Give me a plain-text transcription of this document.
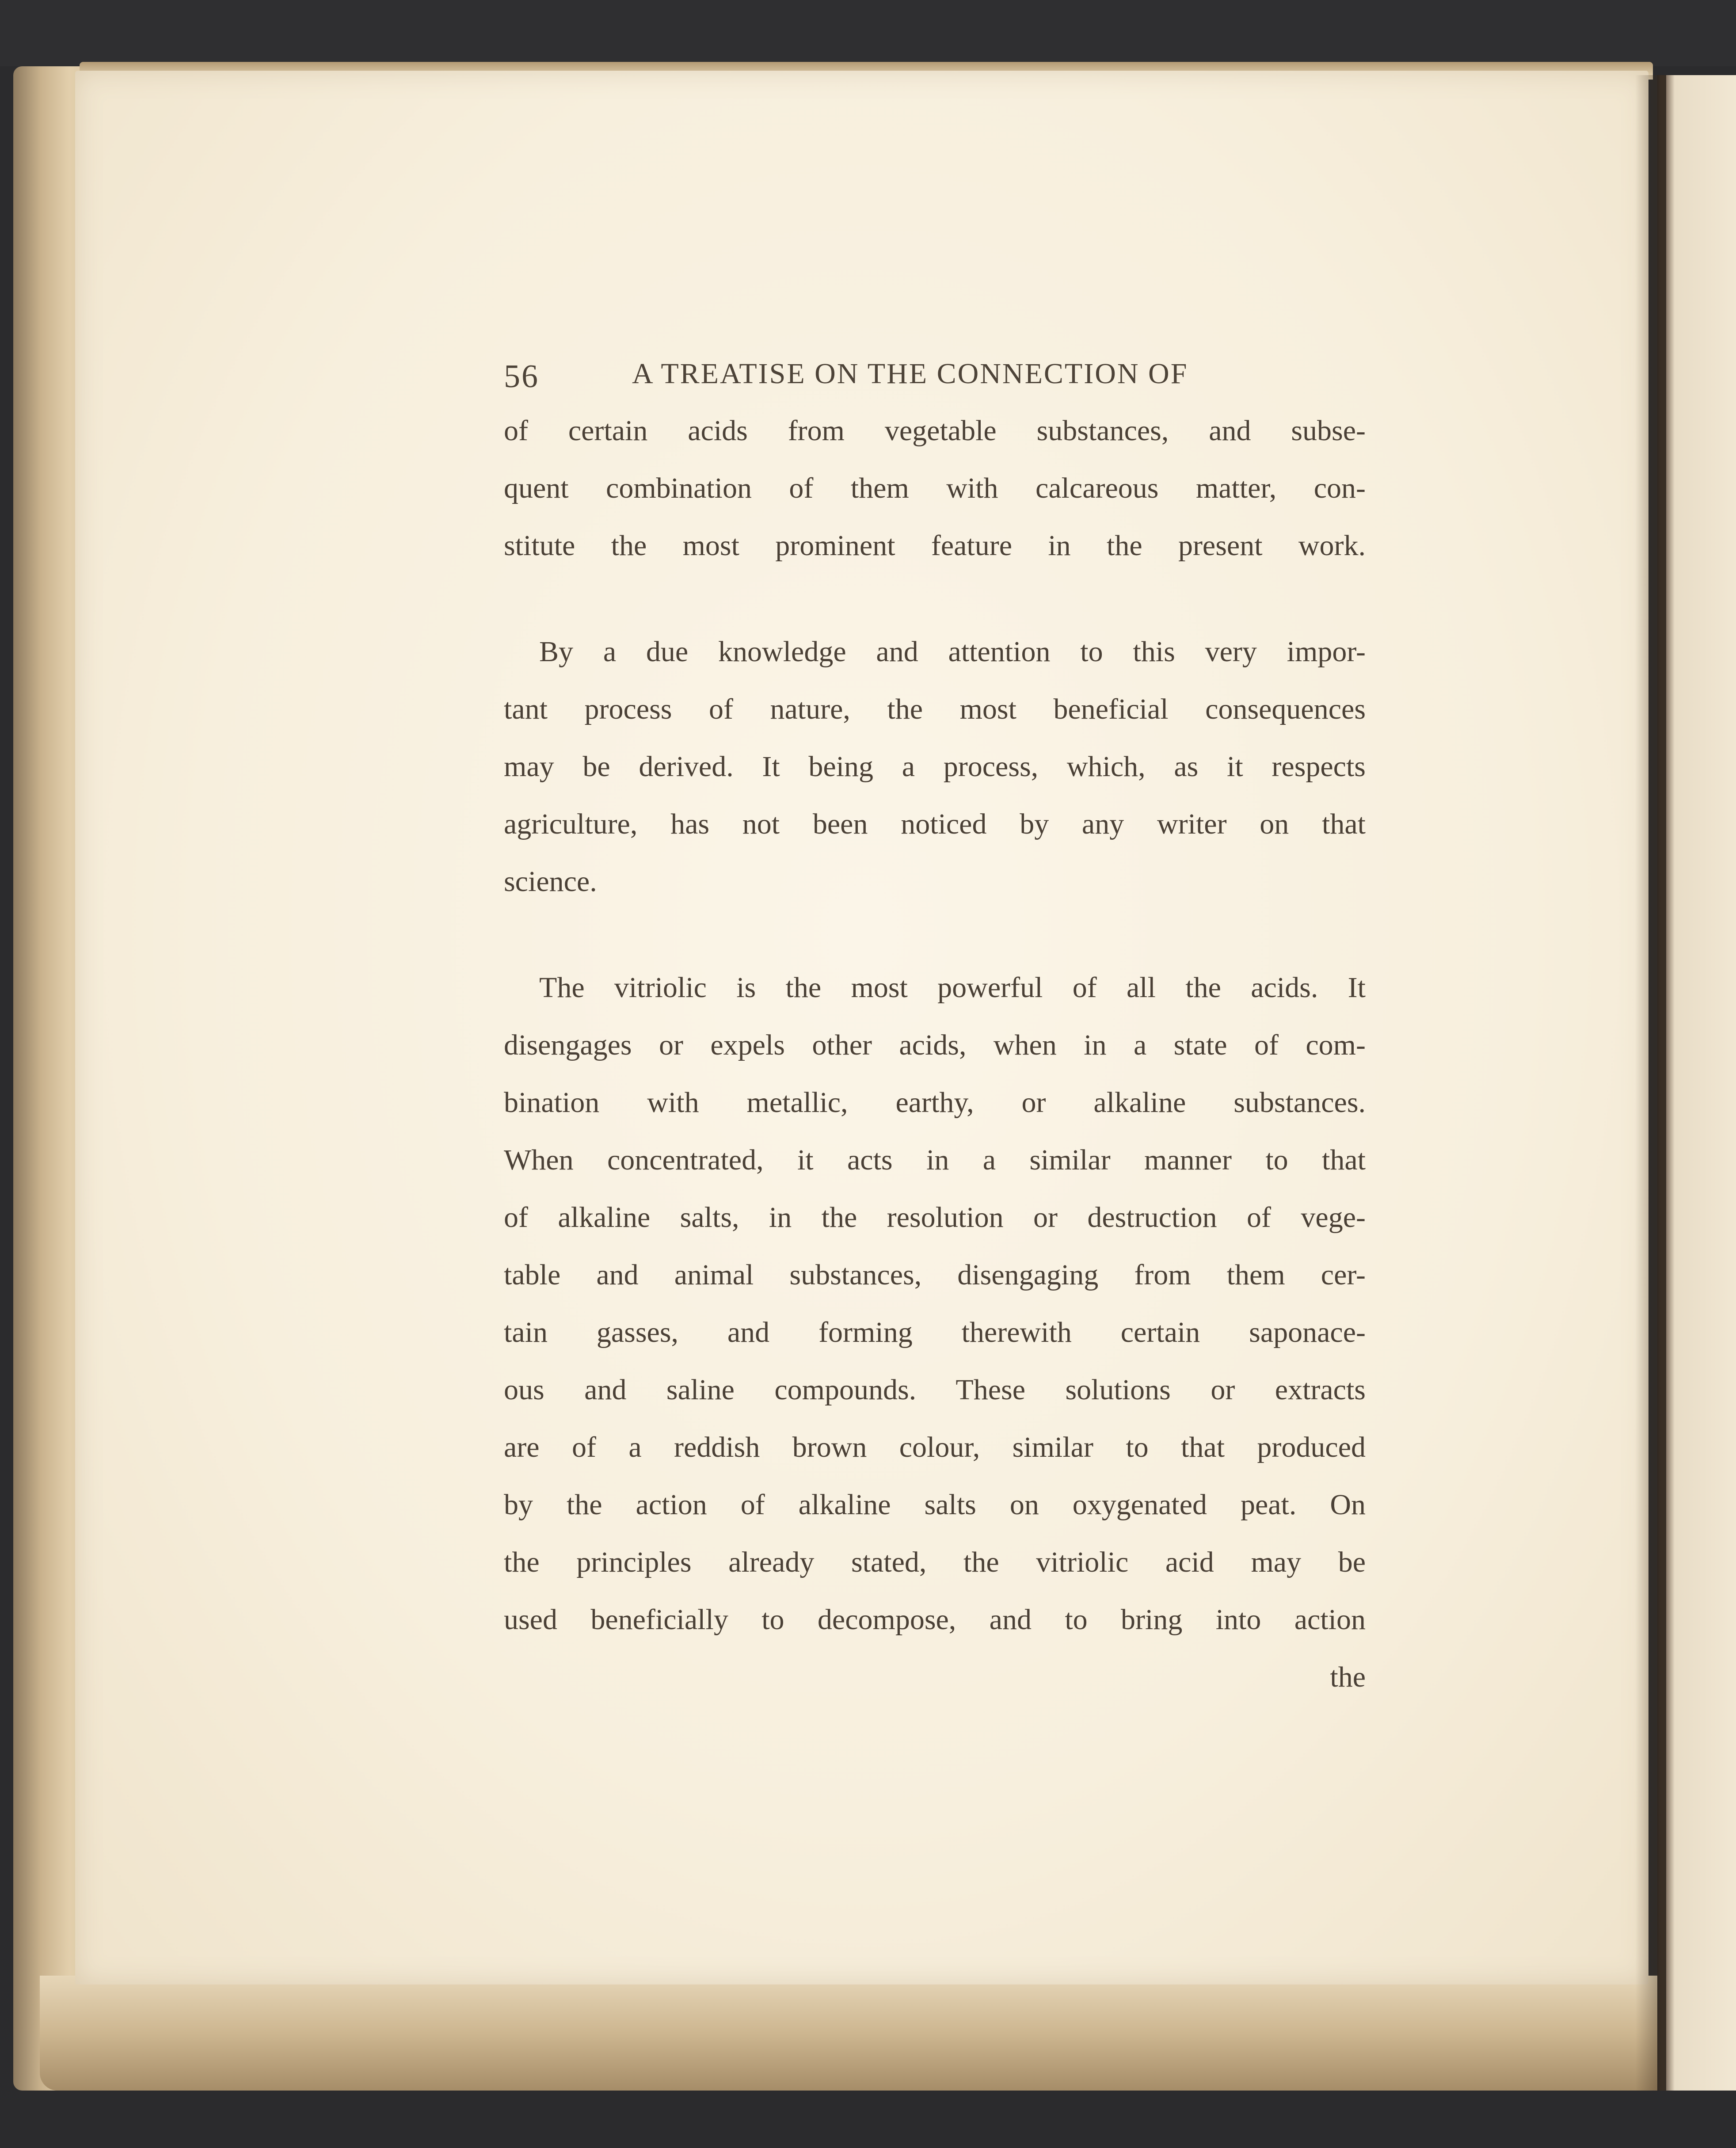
56	A TREATISE ON THE CONNECTION OF

of certain acids from vegetable substances, and subse-
quent combination of them with calcareous matter, con-
stitute the most prominent feature in the present work.

By a due knowledge and attention to this very impor-
tant process of nature, the most beneficial consequences
may be derived. It being a process, which, as it respects
agriculture, has not been noticed by any writer on that
science.

The vitriolic is the most powerful of all the acids. It
disengages or expels other acids, when in a state of com-
bination with metallic, earthy, or alkaline substances.
When concentrated, it acts in a similar manner to that
of alkaline salts, in the resolution or destruction of vege-
table and animal substances, disengaging from them cer-
tain gasses, and forming therewith certain saponace-
ous and saline compounds. These solutions or extracts
are of a reddish brown colour, similar to that produced
by the action of alkaline salts on oxygenated peat. On
the principles already stated, the vitriolic acid may be
used beneficially to decompose, and to bring into action
the
